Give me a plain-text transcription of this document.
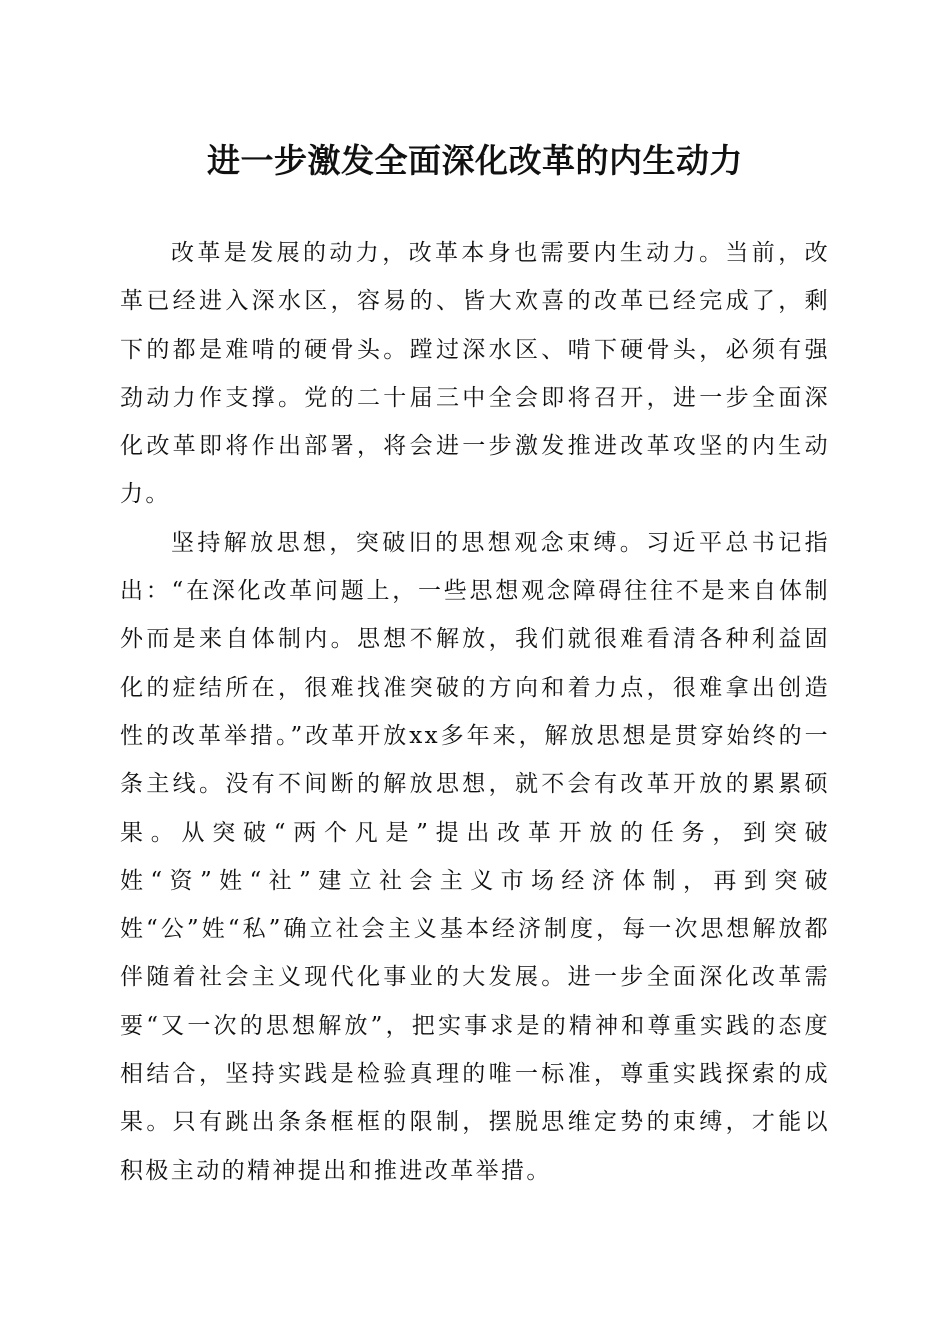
进一步激发全面深化改革的内生动力

改革是发展的动力，改革本身也需要内生动力。当前，改革已经进入深水区，容易的、皆大欢喜的改革已经完成了，剩下的都是难啃的硬骨头。蹚过深水区、啃下硬骨头，必须有强劲动力作支撑。党的二十届三中全会即将召开，进一步全面深化改革即将作出部署，将会进一步激发推进改革攻坚的内生动力。

坚持解放思想，突破旧的思想观念束缚。习近平总书记指出：“在深化改革问题上，一些思想观念障碍往往不是来自体制外而是来自体制内。思想不解放，我们就很难看清各种利益固化的症结所在，很难找准突破的方向和着力点，很难拿出创造性的改革举措。”改革开放xx多年来，解放思想是贯穿始终的一条主线。没有不间断的解放思想，就不会有改革开放的累累硕果。从突破“两个凡是”提出改革开放的任务，到突破姓“资”姓“社”建立社会主义市场经济体制，再到突破姓“公”姓“私”确立社会主义基本经济制度，每一次思想解放都伴随着社会主义现代化事业的大发展。进一步全面深化改革需要“又一次的思想解放”，把实事求是的精神和尊重实践的态度相结合，坚持实践是检验真理的唯一标准，尊重实践探索的成果。只有跳出条条框框的限制，摆脱思维定势的束缚，才能以积极主动的精神提出和推进改革举措。
